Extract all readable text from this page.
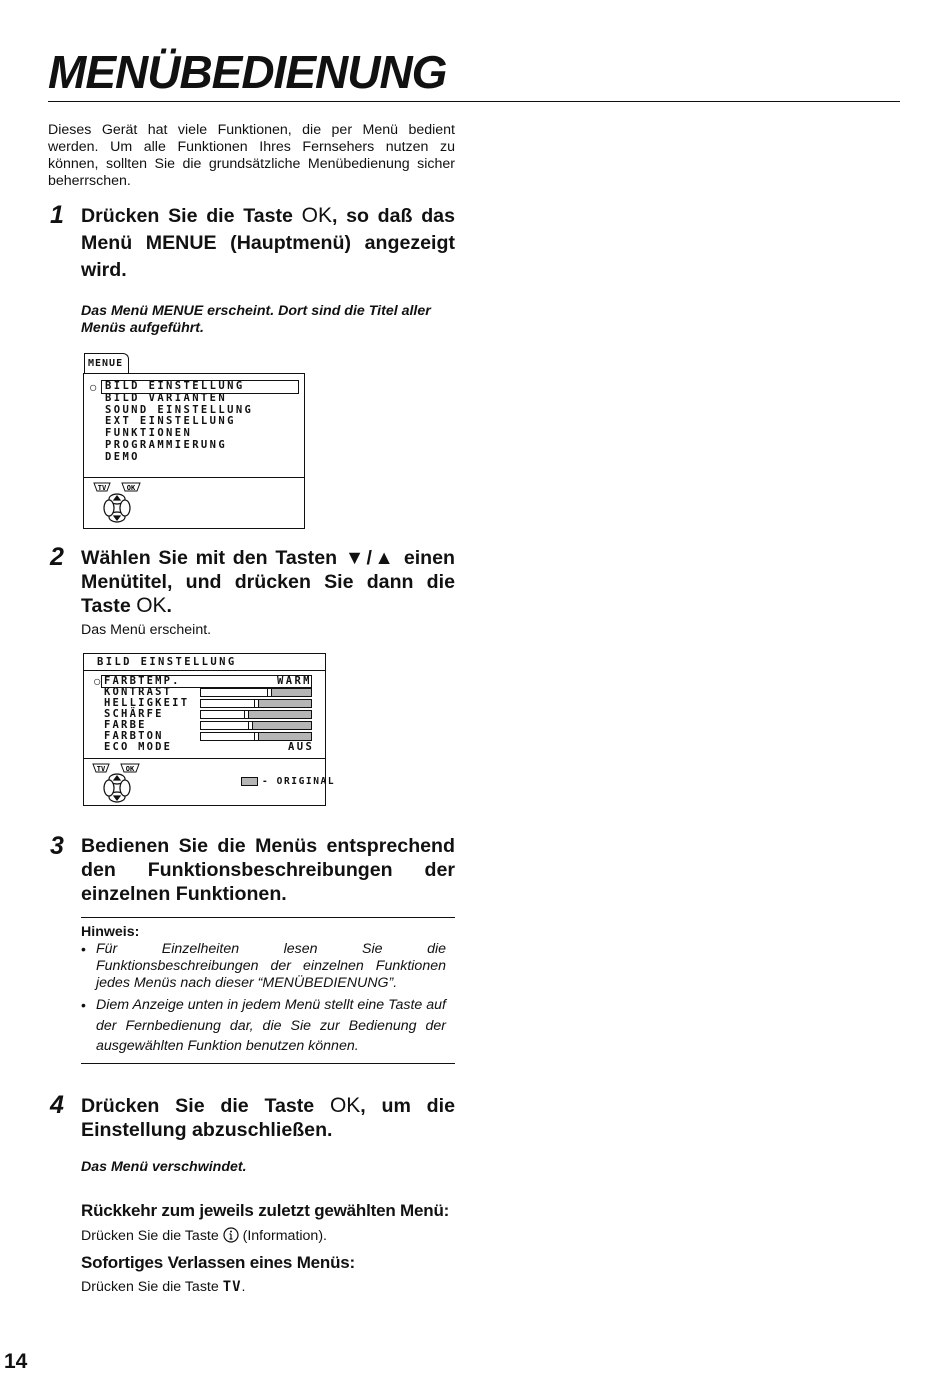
MENÜBEDIENUNG
Dieses Gerät hat viele Funktionen, die per Menü bedient werden. Um alle Funktionen Ihres Fernsehers nutzen zu können, sollten Sie die grundsätzliche Menübedienung sicher beherrschen.
1 Drücken Sie die Taste OK, so daß das Menü MENUE (Hauptmenü) angezeigt wird.
Das Menü MENUE erscheint. Dort sind die Titel aller Menüs aufgeführt.
MENUE
○ BILD EINSTELLUNG
BILD VARIANTEN
SOUND EINSTELLUNG
EXT EINSTELLUNG
FUNKTIONEN
PROGRAMMIERUNG
DEMO
TV	OK
2 Wählen Sie mit den Tasten ▼/▲ einen Menütitel, und drücken Sie dann die Taste OK.
Das Menü erscheint.
BILD EINSTELLUNG
○ FARBTEMP.
KONTRAST
HELLIGKEIT
SCHÄRFE
FARBE
FARBTON
ECO MODE
WARM
AUS
TV	OK
- ORIGINAL
3 Bedienen Sie die Menüs entsprechend den Funktionsbeschreibungen der einzelnen Funktionen.
Hinweis:
• Für Einzelheiten lesen Sie die Funktionsbeschreibungen der einzelnen Funktionen jedes Menüs nach dieser “MENÜBEDIENUNG”.
• Diem Anzeige unten in jedem Menü stellt eine Taste auf der Fernbedienung dar, die Sie zur Bedienung der ausgewählten Funktion benutzen können.
4 Drücken Sie die Taste OK, um die Einstellung abzuschließen.
Das Menü verschwindet.
Rückkehr zum jeweils zuletzt gewählten Menü:
Drücken Sie die Taste  (Information).
Sofortiges Verlassen eines Menüs:
Drücken Sie die Taste TV.
14
